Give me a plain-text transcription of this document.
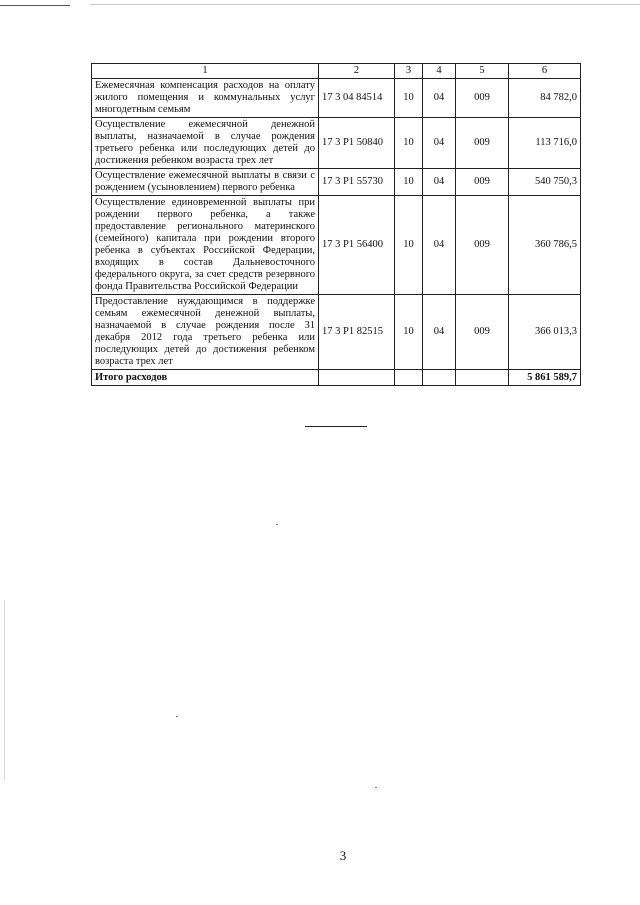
1	2	3	4	5	6
Ежемесячная компенсация расходов на оплату жилого помещения и коммунальных услуг многодетным семьям	17 3 04 84514	10	04	009	84 782,0
Осуществление ежемесячной денежной выплаты, назначаемой в случае рождения третьего ребенка или последующих детей до достижения ребенком возраста трех лет	17 3 Р1 50840	10	04	009	113 716,0
Осуществление ежемесячной выплаты в связи с рождением (усыновлением) первого ребенка	17 3 Р1 55730	10	04	009	540 750,3
Осуществление единовременной выплаты при рождении первого ребенка, а также предоставление регионального материнского (семейного) капитала при рождении второго ребенка в субъектах Российской Федерации, входящих в состав Дальневосточного федерального округа, за счет средств резервного фонда Правительства Российской Федерации	17 3 Р1 56400	10	04	009	360 786,5
Предоставление нуждающимся в поддержке семьям ежемесячной денежной выплаты, назначаемой в случае рождения после 31 декабря 2012 года третьего ребенка или последующих детей до достижения ребенком возраста трех лет	17 3 Р1 82515	10	04	009	366 013,3
Итого расходов					5 861 589,7
3
